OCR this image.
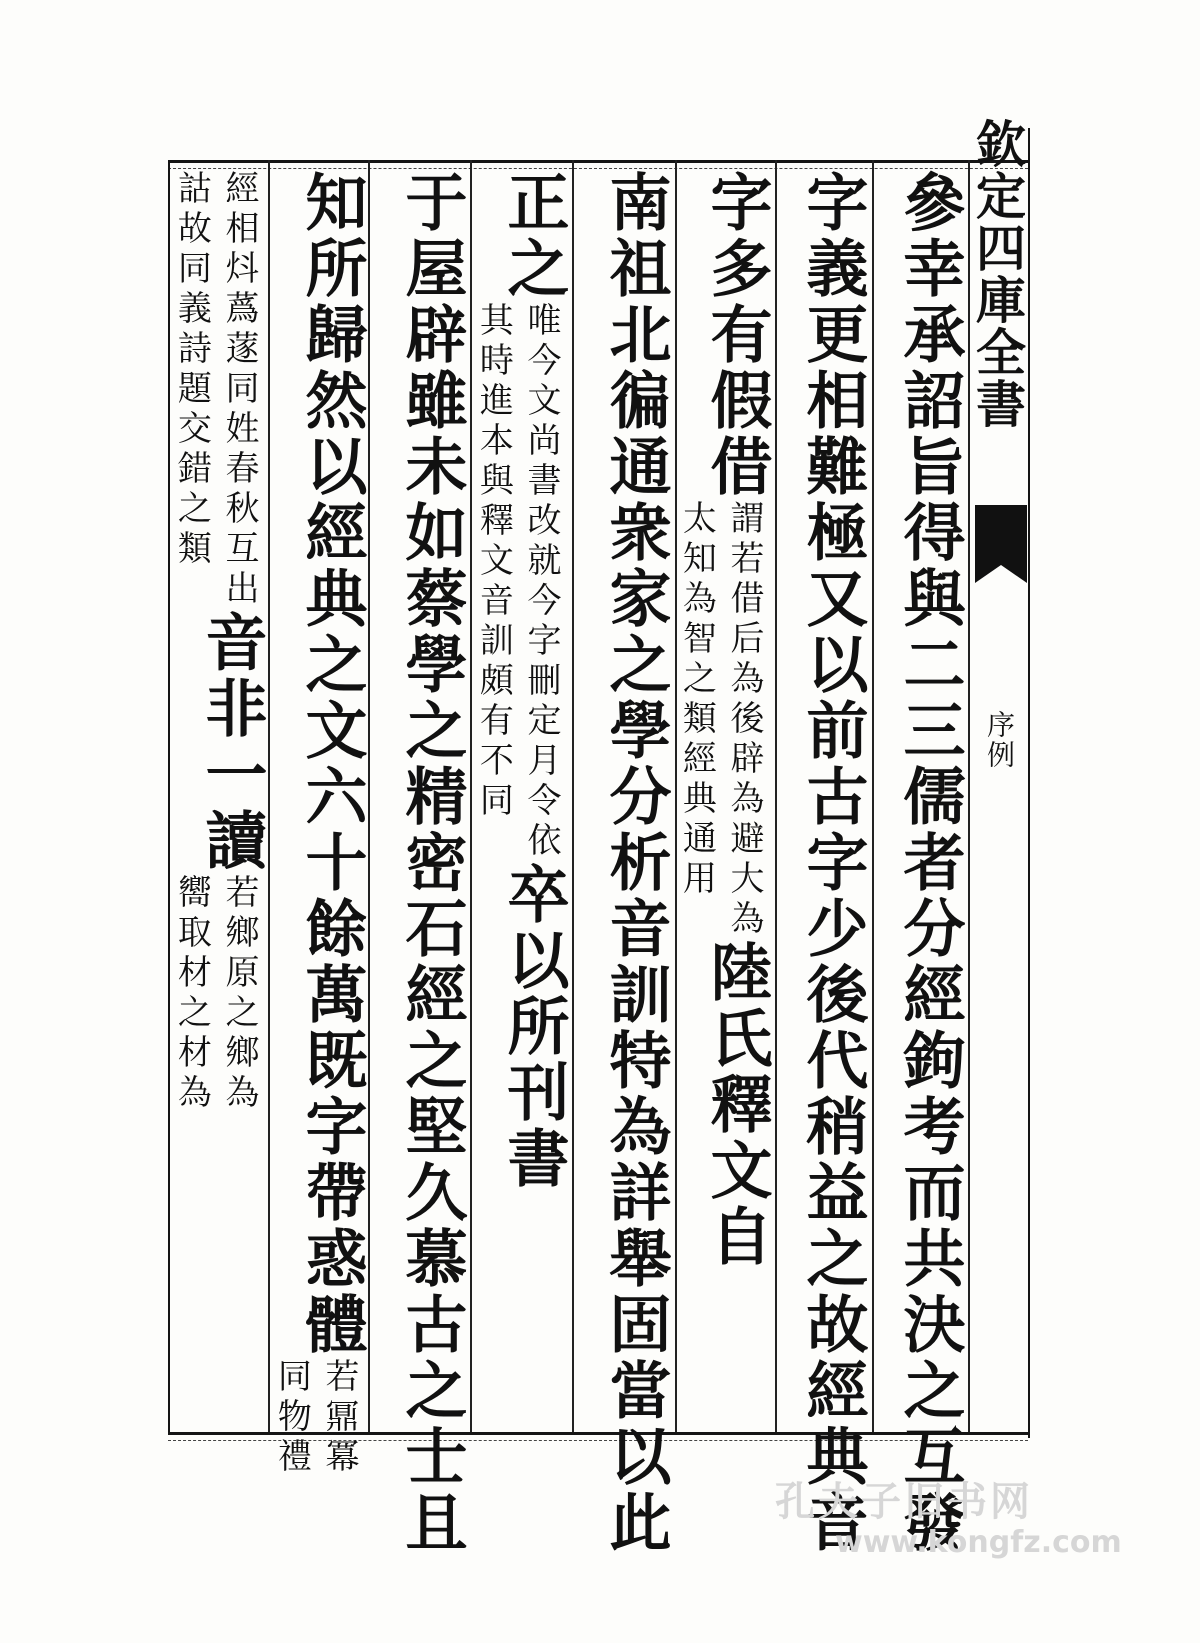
欽定四庫全書
序例
參幸承詔旨得與二三儒者分經鉤考而共決之互發
字義更相難極又以前古字少後代稍益之故經典音
字多有假借謂若借后為後辟為避大為
太知為智之類經典通用陸氏釋文自
南祖北徧通衆家之學分析音訓特為詳舉固當以此
正之唯今文尚書改就今字刪定月令依
其時進本與釋文音訓頗有不同卒以所刊書
于屋辟雖未如蔡學之精密石經之堅久慕古之士且
知所歸然以經典之文六十餘萬既字帶惑體若鼏冪
同物禮
經相炓蔿蓫同姓春秋互出
詁故同義詩題交錯之類音非一讀若鄉原之鄉為
嚮取材之材為
孔夫子旧书网
www.kongfz.com
